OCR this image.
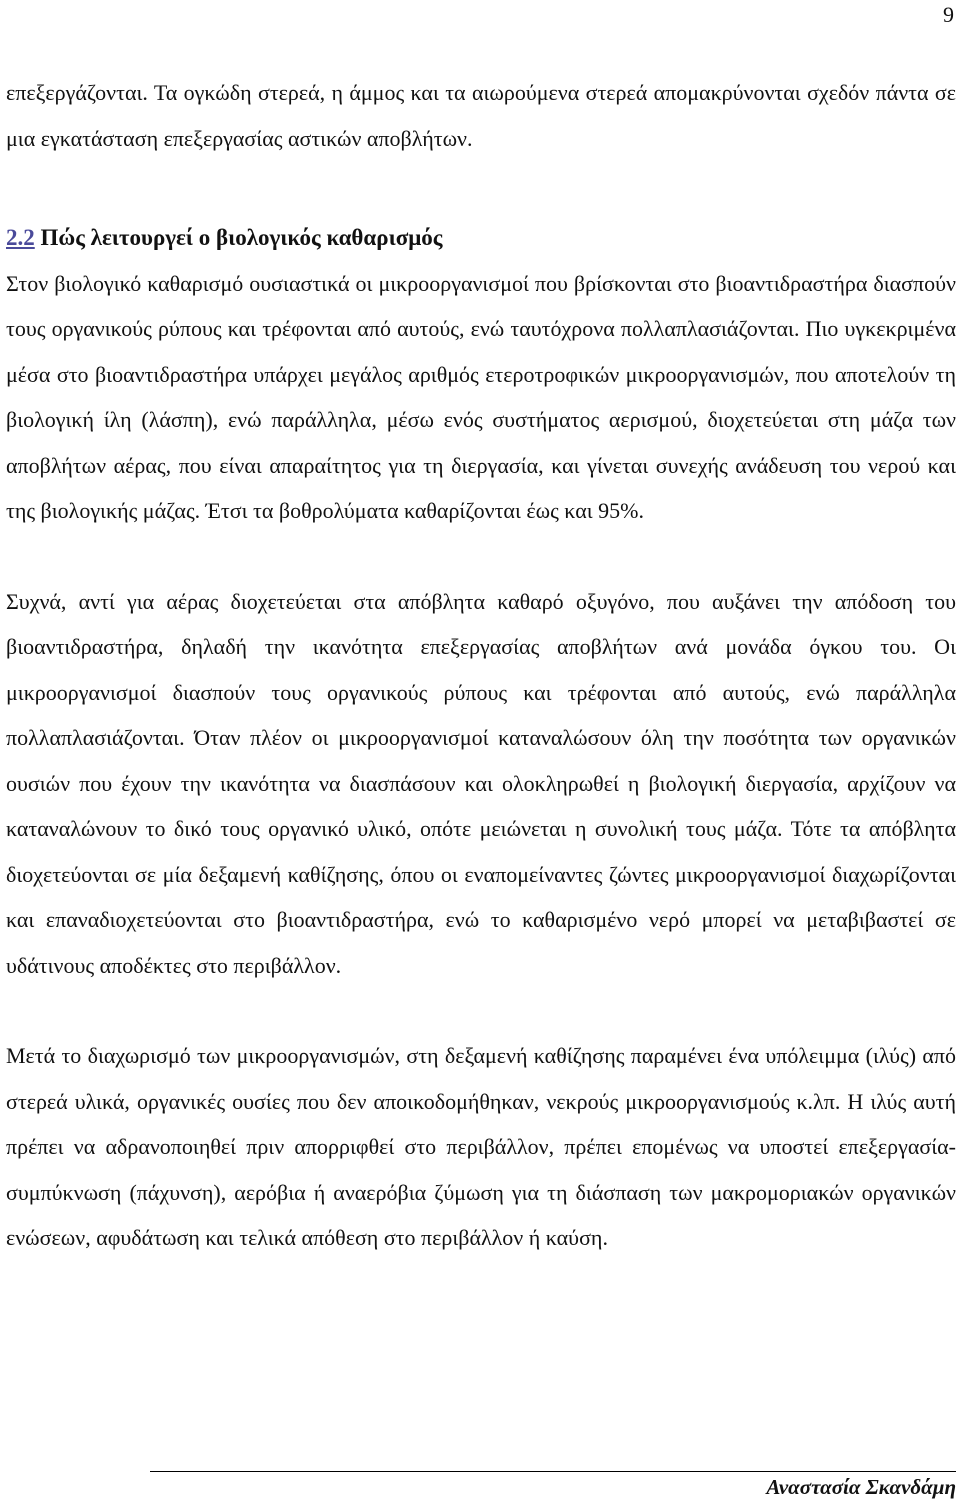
9

επεξεργάζονται. Τα ογκώδη στερεά, η άμμος και τα αιωρούμενα στερεά απομακρύνονται σχεδόν πάντα σε μια εγκατάσταση επεξεργασίας αστικών αποβλήτων.

2.2 Πώς λειτουργεί ο βιολογικός καθαρισμός

Στον βιολογικό καθαρισμό ουσιαστικά οι μικροοργανισμοί που βρίσκονται στο βιοαντιδραστήρα διασπούν τους οργανικούς ρύπους και τρέφονται από αυτούς, ενώ ταυτόχρονα πολλαπλασιάζονται. Πιο υγκεκριμένα μέσα στο βιοαντιδραστήρα υπάρχει μεγάλος αριθμός ετεροτροφικών μικροοργανισμών, που αποτελούν τη βιολογική ίλη (λάσπη), ενώ παράλληλα, μέσω ενός συστήματος αερισμού, διοχετεύεται στη μάζα των αποβλήτων αέρας, που είναι απαραίτητος για τη διεργασία, και γίνεται συνεχής ανάδευση του νερού και της βιολογικής μάζας. Έτσι τα βοθρολύματα καθαρίζονται έως και 95%.

Συχνά, αντί για αέρας διοχετεύεται στα απόβλητα καθαρό οξυγόνο, που αυξάνει την απόδοση του βιοαντιδραστήρα, δηλαδή την ικανότητα επεξεργασίας αποβλήτων ανά μονάδα όγκου του. Οι μικροοργανισμοί διασπούν τους οργανικούς ρύπους και τρέφονται από αυτούς, ενώ παράλληλα πολλαπλασιάζονται. Όταν πλέον οι μικροοργανισμοί καταναλώσουν όλη την ποσότητα των οργανικών ουσιών που έχουν την ικανότητα να διασπάσουν και ολοκληρωθεί η βιολογική διεργασία, αρχίζουν να καταναλώνουν το δικό τους οργανικό υλικό, οπότε μειώνεται η συνολική τους μάζα. Τότε τα απόβλητα διοχετεύονται σε μία δεξαμενή καθίζησης, όπου οι εναπομείναντες ζώντες μικροοργανισμοί διαχωρίζονται και επαναδιοχετεύονται στο βιοαντιδραστήρα, ενώ το καθαρισμένο νερό μπορεί να μεταβιβαστεί σε υδάτινους αποδέκτες στο περιβάλλον.

Μετά το διαχωρισμό των μικροοργανισμών, στη δεξαμενή καθίζησης παραμένει ένα υπόλειμμα (ιλύς) από στερεά υλικά, οργανικές ουσίες που δεν αποικοδομήθηκαν, νεκρούς μικροοργανισμούς κ.λπ. Η ιλύς αυτή πρέπει να αδρανοποιηθεί πριν απορριφθεί στο περιβάλλον, πρέπει επομένως να υποστεί επεξεργασία-συμπύκνωση (πάχυνση), αερόβια ή αναερόβια ζύμωση για τη διάσπαση των μακρομοριακών οργανικών ενώσεων, αφυδάτωση και τελικά απόθεση στο περιβάλλον ή καύση.

Αναστασία Σκανδάμη
